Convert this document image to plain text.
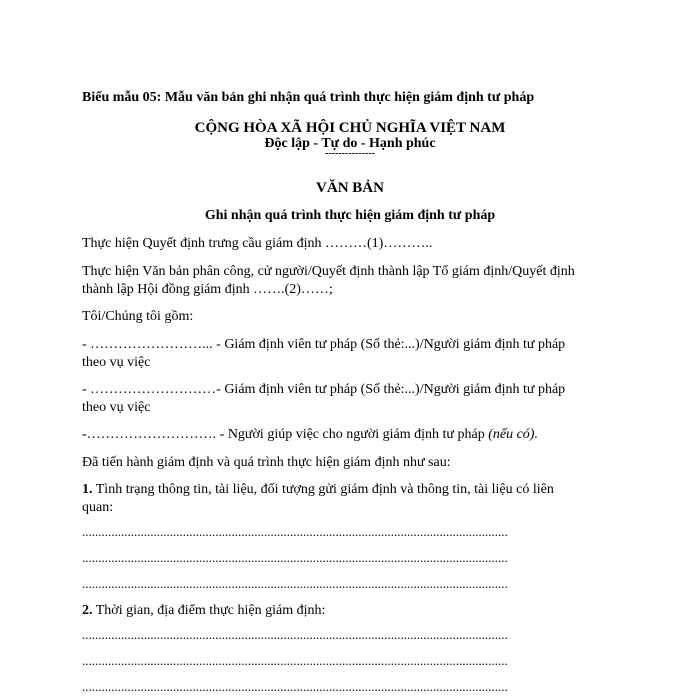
Biểu mẫu 05: Mẫu văn bản ghi nhận quá trình thực hiện giám định tư pháp
CỘNG HÒA XÃ HỘI CHỦ NGHĨA VIỆT NAM
Độc lập - Tự do - Hạnh phúc
---------------
VĂN BẢN
Ghi nhận quá trình thực hiện giám định tư pháp
Thực hiện Quyết định trưng cầu giám định ………(1)………..
Thực hiện Văn bản phân công, cử người/Quyết định thành lập Tổ giám định/Quyết định
thành lập Hội đồng giám định …….(2)……;
Tôi/Chúng tôi gồm:
- ……………………... - Giám định viên tư pháp (Số thẻ:...)/Người giám định tư pháp
theo vụ việc
- ………………………- Giám định viên tư pháp (Số thẻ:...)/Người giám định tư pháp
theo vụ việc
-………………………. - Người giúp việc cho người giám định tư pháp (nếu có).
Đã tiến hành giám định và quá trình thực hiện giám định như sau:
1. Tình trạng thông tin, tài liệu, đối tượng gửi giám định và thông tin, tài liệu có liên
quan:
...................................................................................................................................
...................................................................................................................................
...................................................................................................................................
2. Thời gian, địa điểm thực hiện giám định:
...................................................................................................................................
...................................................................................................................................
...................................................................................................................................
